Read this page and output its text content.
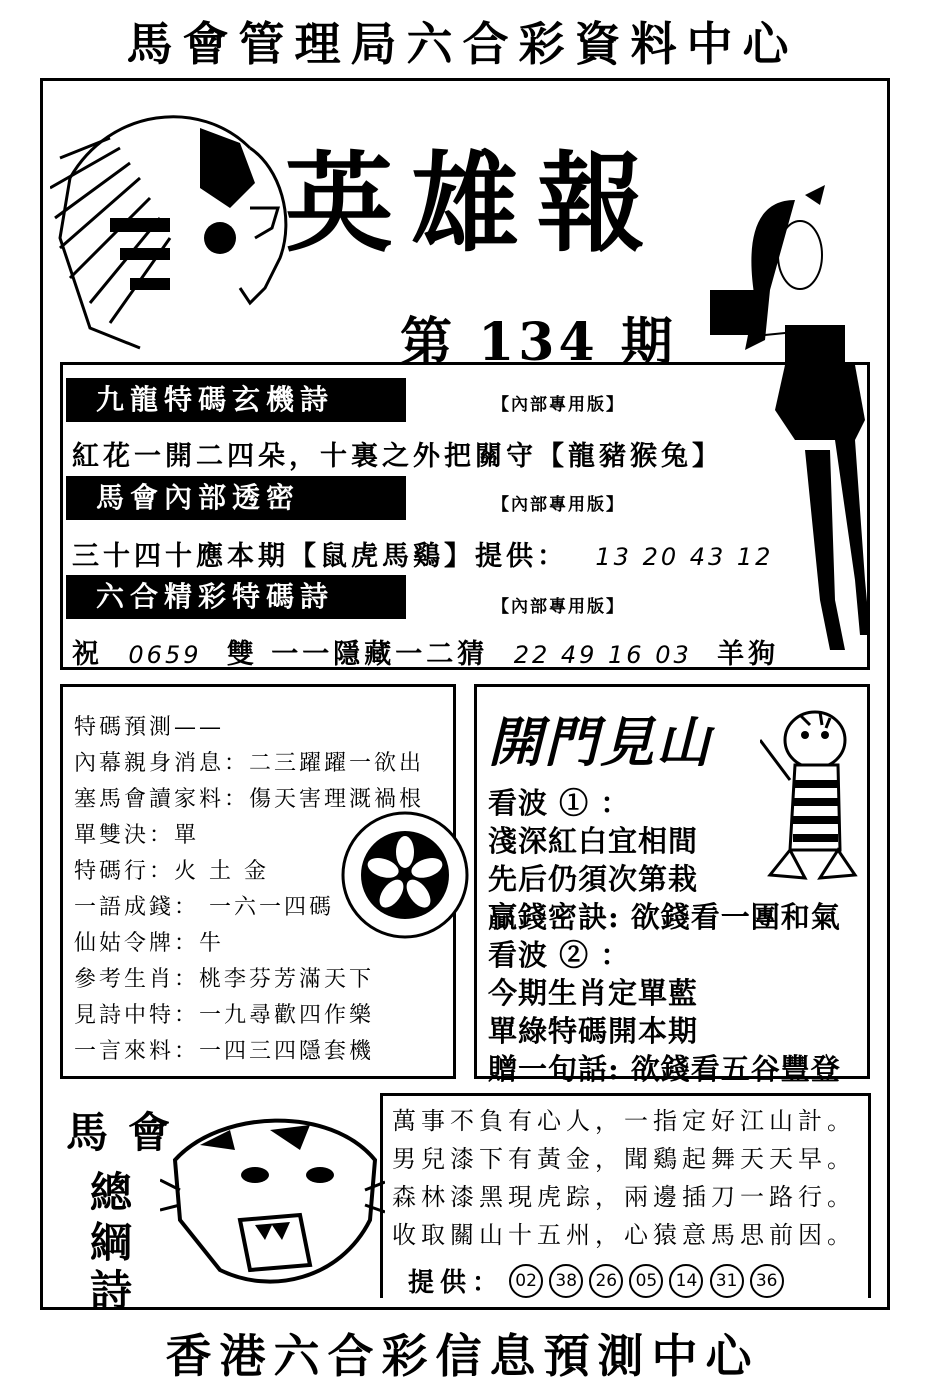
馬會管理局六合彩資料中心
英雄報
第 134 期
九龍特碼玄機詩	【內部專用版】
紅花一開二四朵，十裏之外把關守【龍豬猴兔】
馬會內部透密	【內部專用版】
三十四十應本期【鼠虎馬鷄】提供： 13 20 43 12
六合精彩特碼詩	【內部專用版】
祝 0659 雙 一一隱藏一二猜 22 49 16 03 羊狗
特碼預測——
內幕親身消息：二三躍躍一欲出
塞馬會讀家料：傷天害理溉禍根
單雙決：單
特碼行：火 土 金
一語成錢： 一六一四碼
仙姑令牌：牛
參考生肖：桃李芬芳滿天下
見詩中特：一九尋歡四作樂
一言來料：一四三四隱套機
開門見山
看波 ① ：
淺深紅白宜相間
先后仍須次第栽
贏錢密訣: 欲錢看一團和氣
看波 ② ：
今期生肖定單藍
單綠特碼開本期
贈一句話: 欲錢看五谷豐登
馬 會
總
綱
詩
萬事不負有心人，一指定好江山計。
男兒漆下有黃金，聞鷄起舞天天早。
森林漆黑現虎踪，兩邊插刀一路行。
收取關山十五州，心猿意馬思前因。
提供： 02 38 26 05 14 31 36
香港六合彩信息預測中心
